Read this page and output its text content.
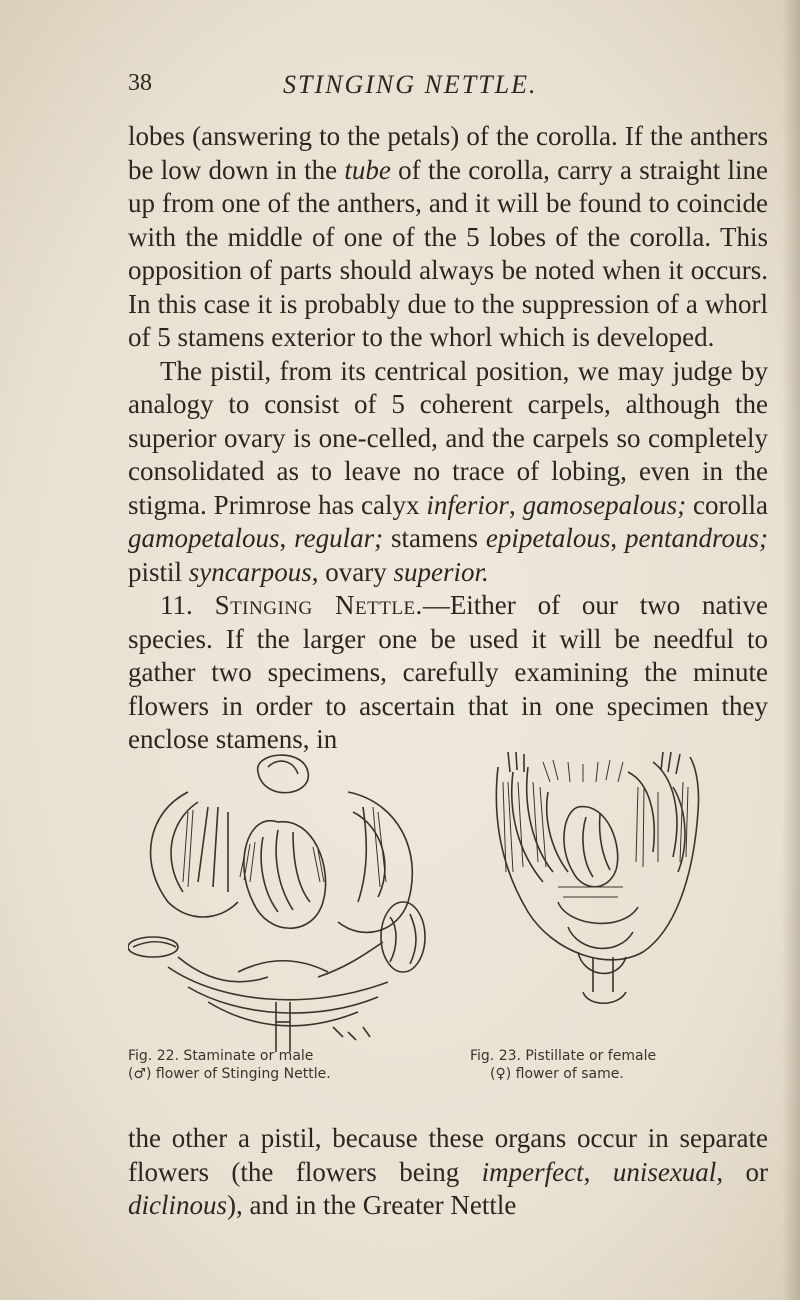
38	STINGING NETTLE.

lobes (answering to the petals) of the corolla. If the anthers be low down in the tube of the corolla, carry a straight line up from one of the anthers, and it will be found to coincide with the middle of one of the 5 lobes of the corolla. This opposition of parts should always be noted when it occurs. In this case it is probably due to the suppression of a whorl of 5 stamens exterior to the whorl which is developed.

The pistil, from its centrical position, we may judge by analogy to consist of 5 coherent carpels, although the superior ovary is one-celled, and the carpels so completely consolidated as to leave no trace of lobing, even in the stigma. Primrose has calyx inferior, gamosepalous; corolla gamopetalous, regular; stamens epipetalous, pentandrous; pistil syncarpous, ovary superior.

11. Stinging Nettle.—Either of our two native species. If the larger one be used it will be needful to gather two specimens, carefully examining the minute flowers in order to ascertain that in one specimen they enclose stamens, in

Fig. 22. Staminate or male
(♂) flower of Stinging Nettle.
Fig. 23. Pistillate or female
(♀) flower of same.

the other a pistil, because these organs occur in separate flowers (the flowers being imperfect, unisexual, or diclinous), and in the Greater Nettle
